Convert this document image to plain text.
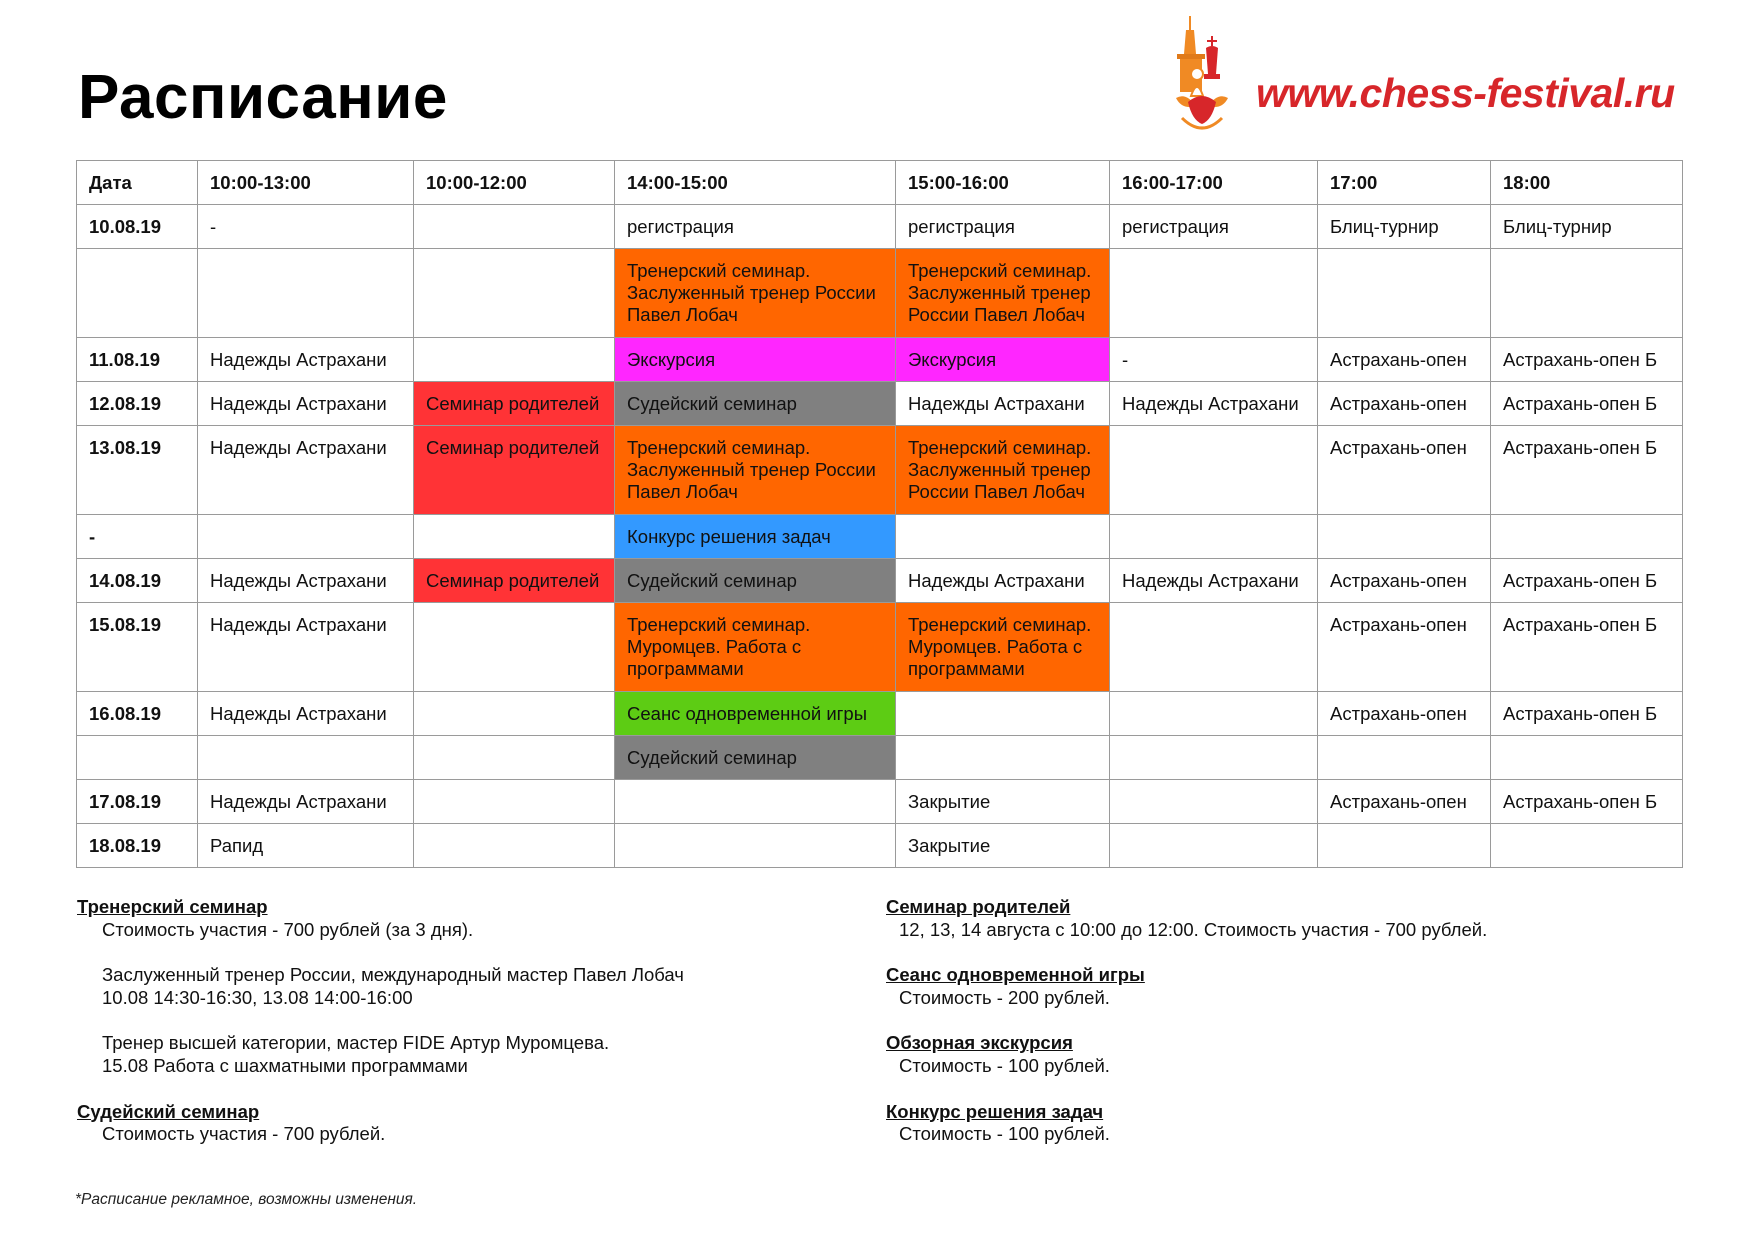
Расписание	www.chess-festival.ru
Дата	10:00-13:00	10:00-12:00	14:00-15:00	15:00-16:00	16:00-17:00	17:00	18:00
10.08.19	-		регистрация	регистрация	регистрация	Блиц-турнир	Блиц-турнир
			Тренерский семинар. Заслуженный тренер России Павел Лобач	Тренерский семинар. Заслуженный тренер России Павел Лобач			
11.08.19	Надежды Астрахани		Экскурсия	Экскурсия	-	Астрахань-опен	Астрахань-опен Б
12.08.19	Надежды Астрахани	Семинар родителей	Судейский семинар	Надежды Астрахани	Надежды Астрахани	Астрахань-опен	Астрахань-опен Б
13.08.19	Надежды Астрахани	Семинар родителей	Тренерский семинар. Заслуженный тренер России Павел Лобач	Тренерский семинар. Заслуженный тренер России Павел Лобач		Астрахань-опен	Астрахань-опен Б
-			Конкурс решения задач				
14.08.19	Надежды Астрахани	Семинар родителей	Судейский семинар	Надежды Астрахани	Надежды Астрахани	Астрахань-опен	Астрахань-опен Б
15.08.19	Надежды Астрахани		Тренерский семинар. Муромцев. Работа с программами	Тренерский семинар. Муромцев. Работа с программами		Астрахань-опен	Астрахань-опен Б
16.08.19	Надежды Астрахани		Сеанс одновременной игры			Астрахань-опен	Астрахань-опен Б
			Судейский семинар				
17.08.19	Надежды Астрахани			Закрытие		Астрахань-опен	Астрахань-опен Б
18.08.19	Рапид			Закрытие			
Тренерский семинар
Стоимость участия - 700 рублей (за 3 дня).
Заслуженный тренер России, международный мастер Павел Лобач
10.08 14:30-16:30, 13.08 14:00-16:00
Тренер высшей категории, мастер FIDE Артур Муромцева.
15.08 Работа с шахматными программами
Судейский семинар
Стоимость участия - 700 рублей.
Семинар родителей
12, 13, 14 августа с 10:00 до 12:00. Стоимость участия - 700 рублей.
Сеанс одновременной игры
Стоимость - 200 рублей.
Обзорная экскурсия
Стоимость - 100 рублей.
Конкурс решения задач
Стоимость - 100 рублей.
*Расписание рекламное, возможны изменения.
